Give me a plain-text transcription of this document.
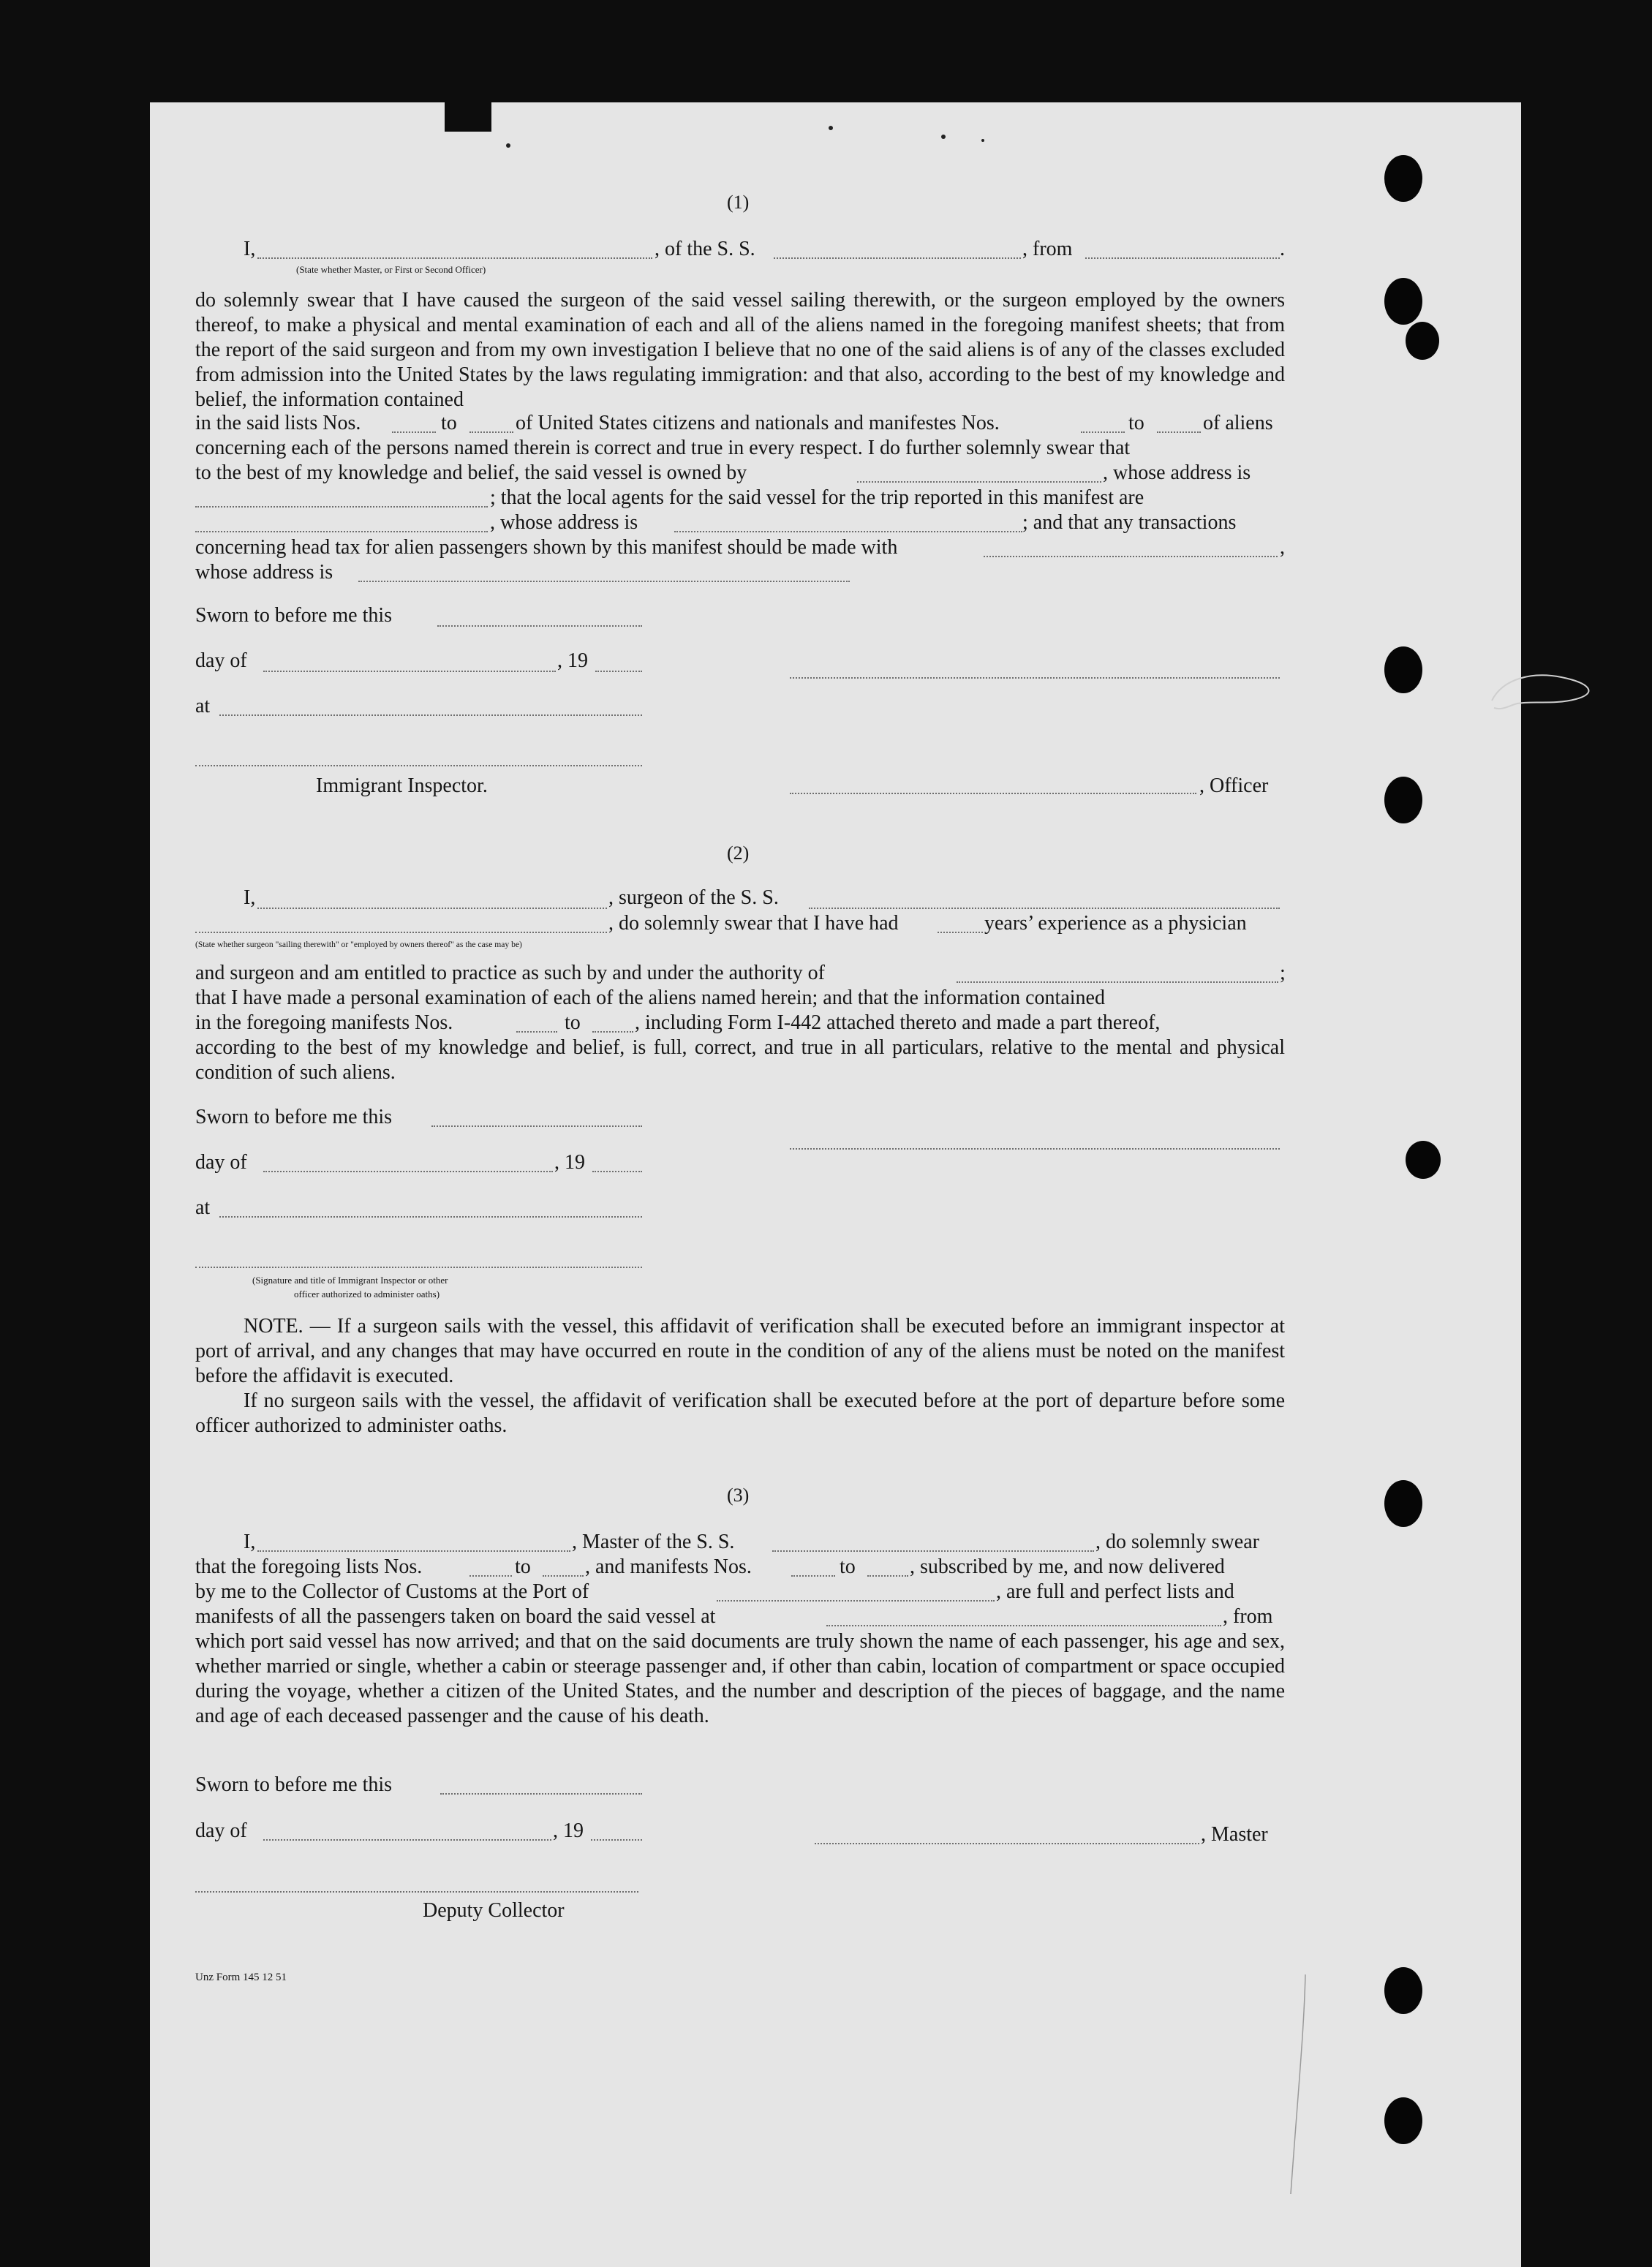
(1)
I,	, of the S. S.	, from	.
(State whether Master, or First or Second Officer)
do solemnly swear that I have caused the surgeon of the said vessel sailing therewith, or the surgeon employed by the owners thereof, to make a physical and mental examination of each and all of the aliens named in the foregoing manifest sheets; that from the report of the said surgeon and from my own investigation I believe that no one of the said aliens is of any of the classes excluded from admission into the United States by the laws regulating immigration: and that also, according to the best of my knowledge and belief, the information contained
in the said lists Nos.	to	of United States citizens and nationals and manifestes Nos.	to	of aliens
concerning each of the persons named therein is correct and true in every respect. I do further solemnly swear that
to the best of my knowledge and belief, the said vessel is owned by	, whose address is
; that the local agents for the said vessel for the trip reported in this manifest are
, whose address is	; and that any transactions
concerning head tax for alien passengers shown by this manifest should be made with	,
whose address is
Sworn to before me this
day of	, 19
at
Immigrant Inspector.	, Officer
(2)
I,	, surgeon of the S. S.
, do solemnly swear that I have had	years’ experience as a physician
(State whether surgeon "sailing therewith" or "employed by owners thereof" as the case may be)
and surgeon and am entitled to practice as such by and under the authority of	;
that I have made a personal examination of each of the aliens named herein; and that the information contained
in the foregoing manifests Nos.	to	, including Form I-442 attached thereto and made a part thereof,
according to the best of my knowledge and belief, is full, correct, and true in all particulars, relative to the mental and physical condition of such aliens.
Sworn to before me this
day of	, 19
at
(Signature and title of Immigrant Inspector or other
officer authorized to administer oaths)
NOTE. — If a surgeon sails with the vessel, this affidavit of verification shall be executed before an immigrant inspector at port of arrival, and any changes that may have occurred en route in the condition of any of the aliens must be noted on the manifest before the affidavit is executed.
If no surgeon sails with the vessel, the affidavit of verification shall be executed before at the port of departure before some officer authorized to administer oaths.
(3)
I,	, Master of the S. S.	, do solemnly swear
that the foregoing lists Nos.	to	, and manifests Nos.	to	, subscribed by me, and now delivered
by me to the Collector of Customs at the Port of	, are full and perfect lists and
manifests of all the passengers taken on board the said vessel at	, from
which port said vessel has now arrived; and that on the said documents are truly shown the name of each passenger, his age and sex, whether married or single, whether a cabin or steerage passenger and, if other than cabin, location of compartment or space occupied during the voyage, whether a citizen of the United States, and the number and description of the pieces of baggage, and the name and age of each deceased passenger and the cause of his death.
Sworn to before me this
day of	, 19	, Master
Deputy Collector
Unz Form 145 12 51
